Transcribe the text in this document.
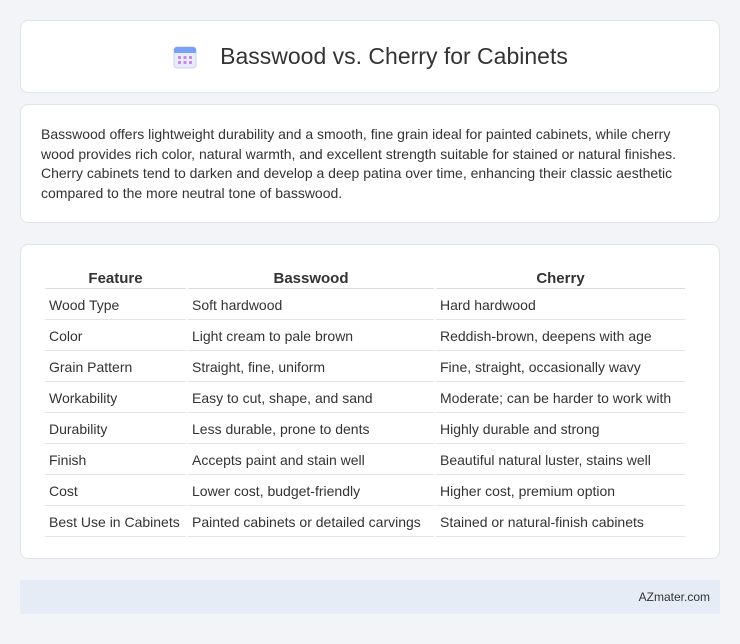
Basswood vs. Cherry for Cabinets

Basswood offers lightweight durability and a smooth, fine grain ideal for painted cabinets, while cherry wood provides rich color, natural warmth, and excellent strength suitable for stained or natural finishes. Cherry cabinets tend to darken and develop a deep patina over time, enhancing their classic aesthetic compared to the more neutral tone of basswood.

Feature	Basswood	Cherry
Wood Type	Soft hardwood	Hard hardwood
Color	Light cream to pale brown	Reddish-brown, deepens with age
Grain Pattern	Straight, fine, uniform	Fine, straight, occasionally wavy
Workability	Easy to cut, shape, and sand	Moderate; can be harder to work with
Durability	Less durable, prone to dents	Highly durable and strong
Finish	Accepts paint and stain well	Beautiful natural luster, stains well
Cost	Lower cost, budget-friendly	Higher cost, premium option
Best Use in Cabinets	Painted cabinets or detailed carvings	Stained or natural-finish cabinets
AZmater.com
